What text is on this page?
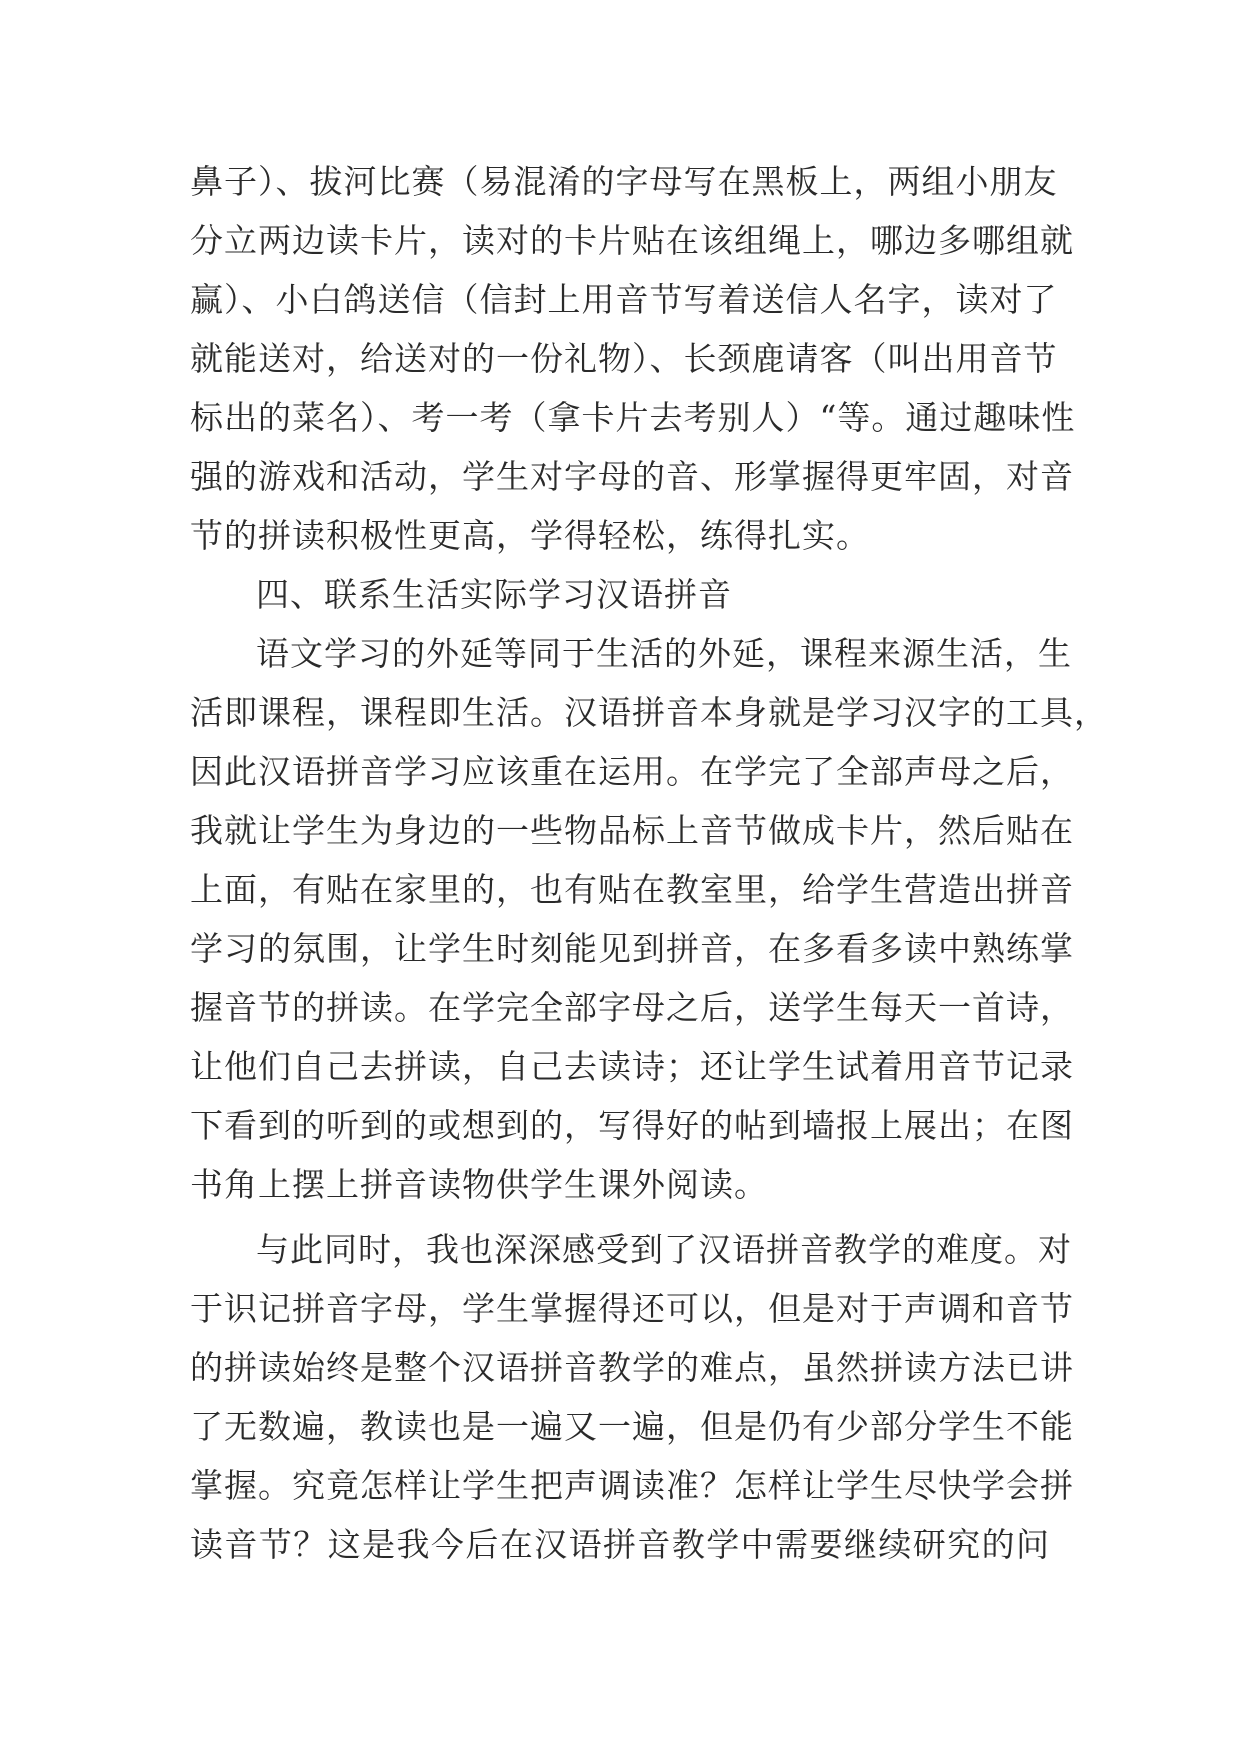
鼻子）、拔河比赛（易混淆的字母写在黑板上，两组小朋友
分立两边读卡片，读对的卡片贴在该组绳上，哪边多哪组就
赢）、小白鸽送信（信封上用音节写着送信人名字，读对了
就能送对，给送对的一份礼物）、长颈鹿请客（叫出用音节
标出的菜名）、考一考（拿卡片去考别人）“等。通过趣味性
强的游戏和活动，学生对字母的音、形掌握得更牢固，对音
节的拼读积极性更高，学得轻松，练得扎实。
四、联系生活实际学习汉语拼音
语文学习的外延等同于生活的外延，课程来源生活，生
活即课程，课程即生活。汉语拼音本身就是学习汉字的工具，
因此汉语拼音学习应该重在运用。在学完了全部声母之后，
我就让学生为身边的一些物品标上音节做成卡片，然后贴在
上面，有贴在家里的，也有贴在教室里，给学生营造出拼音
学习的氛围，让学生时刻能见到拼音，在多看多读中熟练掌
握音节的拼读。在学完全部字母之后，送学生每天一首诗，
让他们自己去拼读，自己去读诗；还让学生试着用音节记录
下看到的听到的或想到的，写得好的帖到墙报上展出；在图
书角上摆上拼音读物供学生课外阅读。
与此同时，我也深深感受到了汉语拼音教学的难度。对
于识记拼音字母，学生掌握得还可以，但是对于声调和音节
的拼读始终是整个汉语拼音教学的难点，虽然拼读方法已讲
了无数遍，教读也是一遍又一遍，但是仍有少部分学生不能
掌握。究竟怎样让学生把声调读准？怎样让学生尽快学会拼
读音节？这是我今后在汉语拼音教学中需要继续研究的问
